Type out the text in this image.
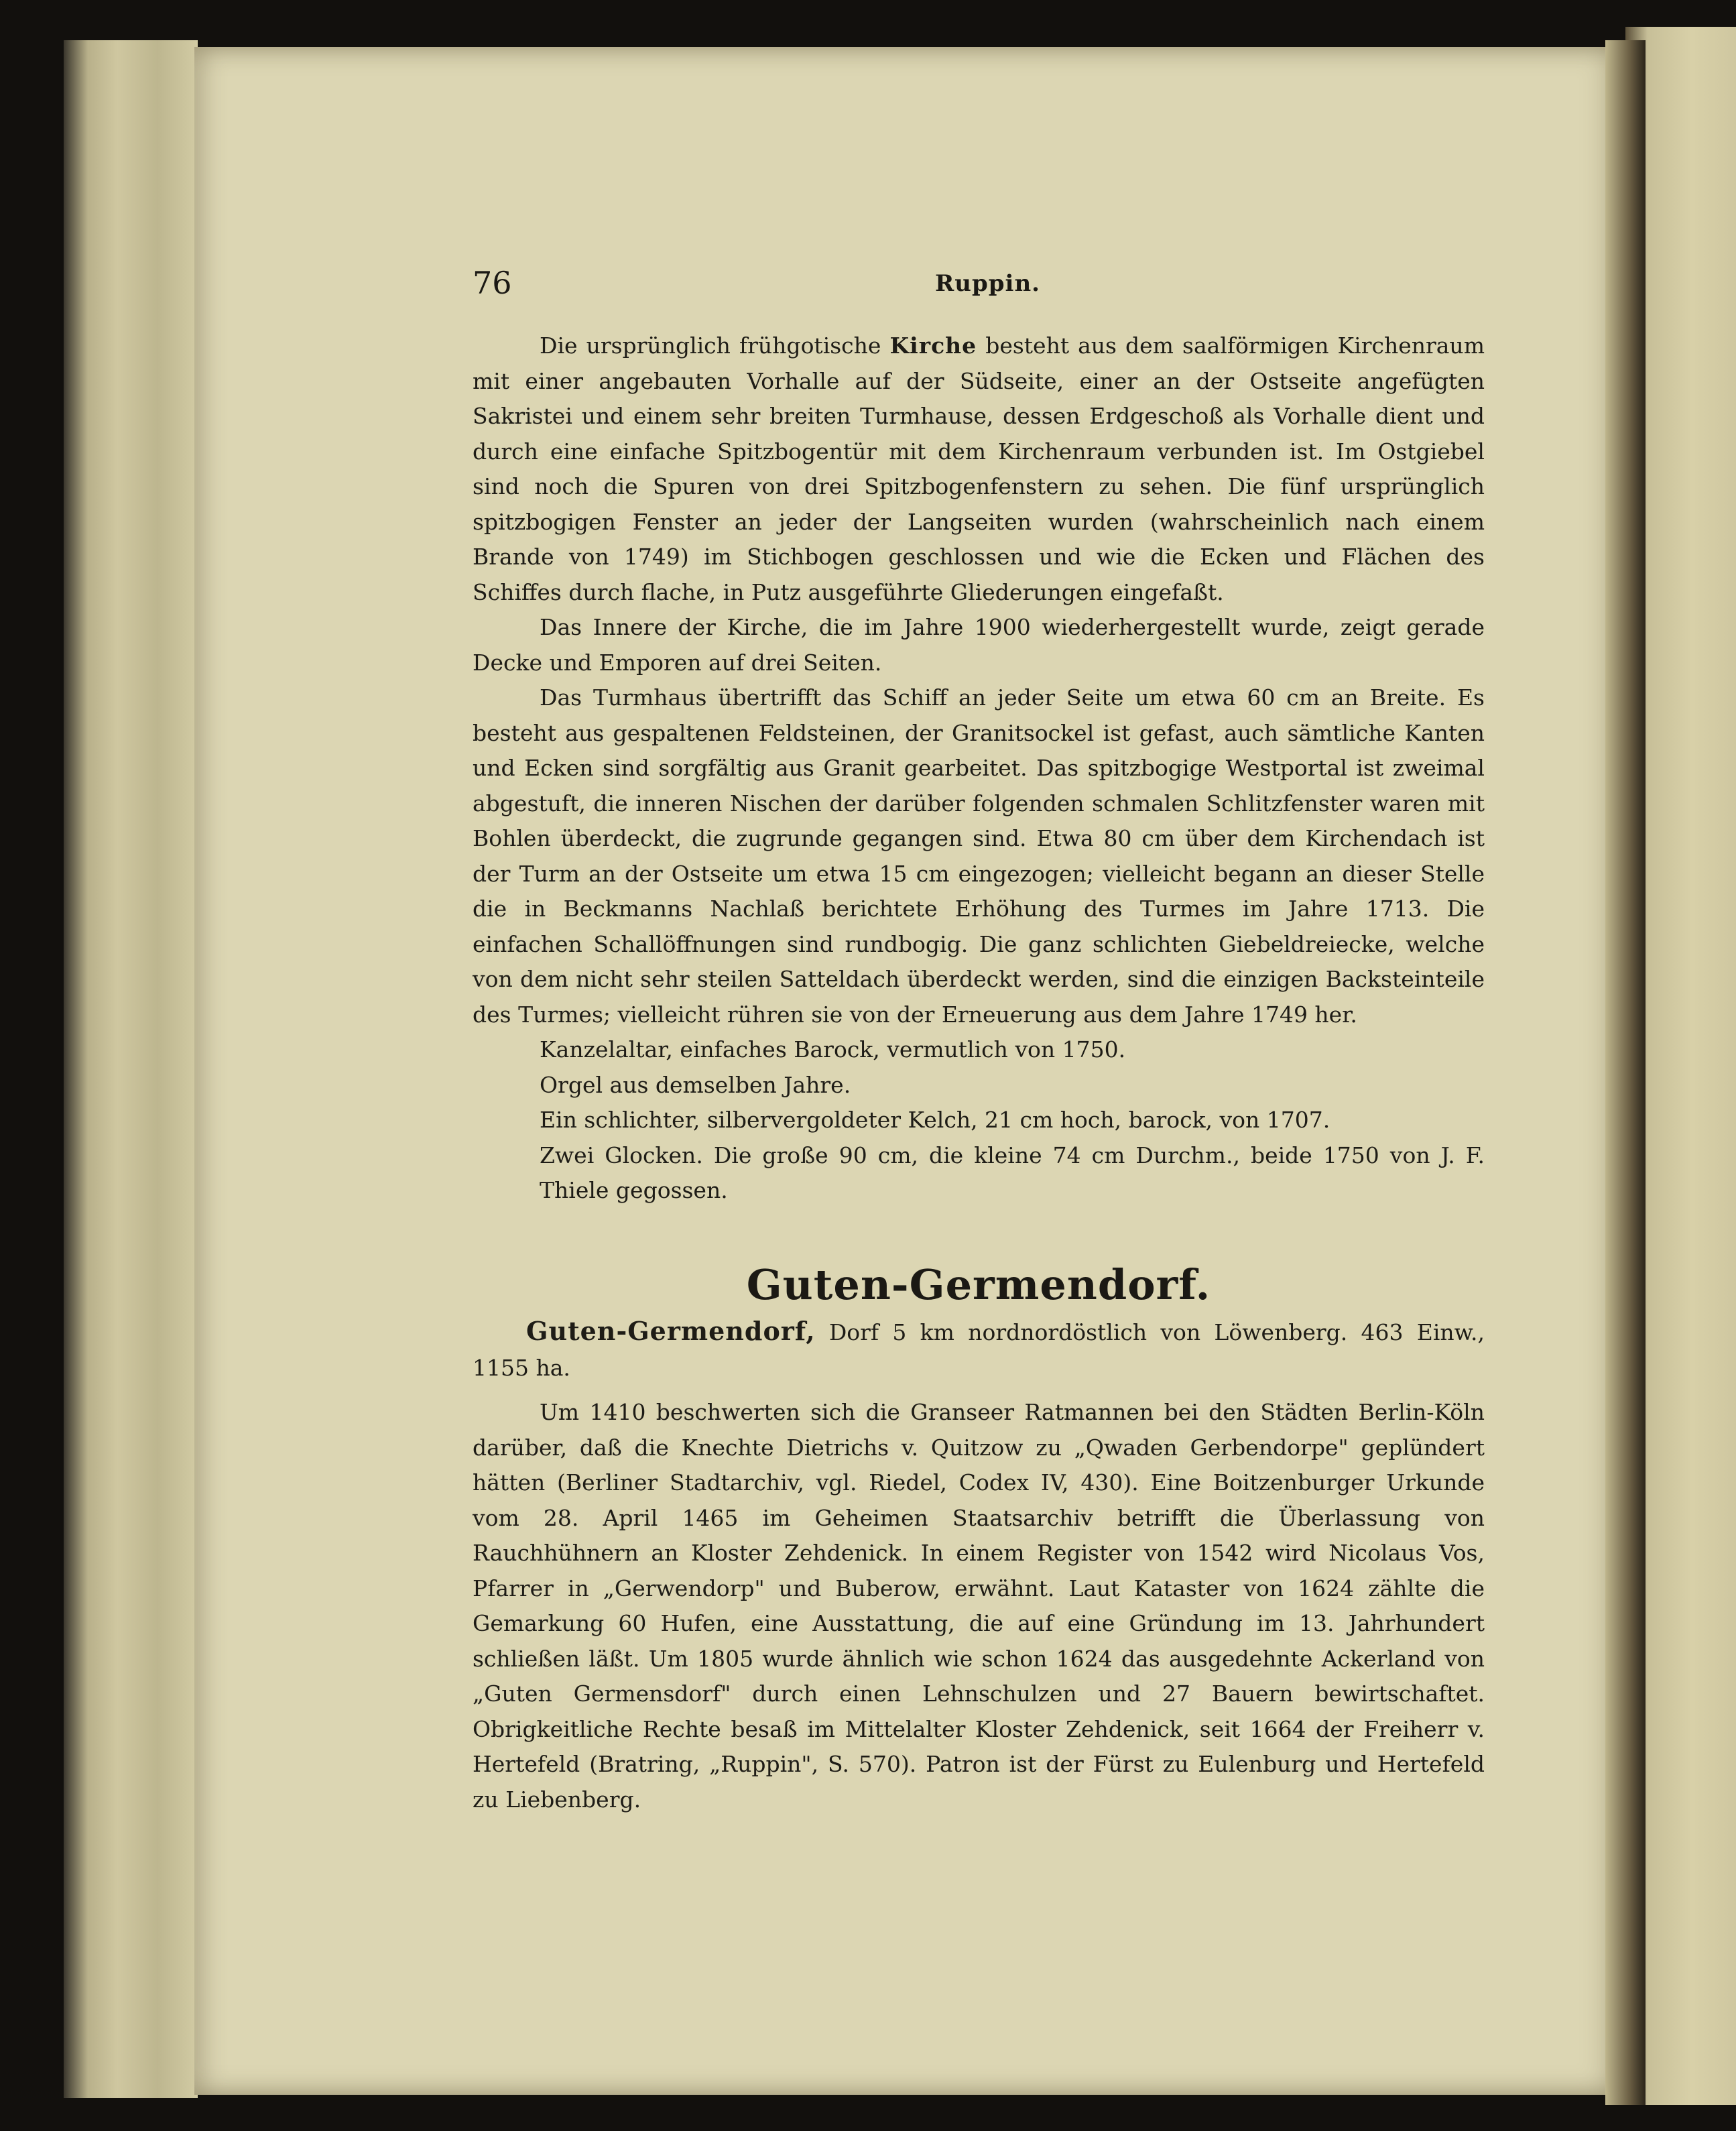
76	Ruppin.

Die ursprünglich frühgotische Kirche besteht aus dem saalförmigen Kirchenraum mit einer angebauten Vorhalle auf der Südseite, einer an der Ostseite angefügten Sakristei und einem sehr breiten Turmhause, dessen Erdgeschoß als Vorhalle dient und durch eine einfache Spitzbogentür mit dem Kirchenraum verbunden ist. Im Ostgiebel sind noch die Spuren von drei Spitzbogenfenstern zu sehen. Die fünf ursprünglich spitzbogigen Fenster an jeder der Langseiten wurden (wahrscheinlich nach einem Brande von 1749) im Stichbogen geschlossen und wie die Ecken und Flächen des Schiffes durch flache, in Putz ausgeführte Gliederungen eingefaßt.

Das Innere der Kirche, die im Jahre 1900 wiederhergestellt wurde, zeigt gerade Decke und Emporen auf drei Seiten.

Das Turmhaus übertrifft das Schiff an jeder Seite um etwa 60 cm an Breite. Es besteht aus gespaltenen Feldsteinen, der Granitsockel ist gefast, auch sämtliche Kanten und Ecken sind sorgfältig aus Granit gearbeitet. Das spitzbogige Westportal ist zweimal abgestuft, die inneren Nischen der darüber folgenden schmalen Schlitzfenster waren mit Bohlen überdeckt, die zugrunde gegangen sind. Etwa 80 cm über dem Kirchendach ist der Turm an der Ostseite um etwa 15 cm eingezogen; vielleicht begann an dieser Stelle die in Beckmanns Nachlaß berichtete Erhöhung des Turmes im Jahre 1713. Die einfachen Schallöffnungen sind rundbogig. Die ganz schlichten Giebeldreiecke, welche von dem nicht sehr steilen Satteldach überdeckt werden, sind die einzigen Backsteinteile des Turmes; vielleicht rühren sie von der Erneuerung aus dem Jahre 1749 her.

Kanzelaltar, einfaches Barock, vermutlich von 1750.

Orgel aus demselben Jahre.

Ein schlichter, silbervergoldeter Kelch, 21 cm hoch, barock, von 1707.

Zwei Glocken. Die große 90 cm, die kleine 74 cm Durchm., beide 1750 von J. F. Thiele gegossen.

Guten-Germendorf.

Guten-Germendorf, Dorf 5 km nordnordöstlich von Löwenberg. 463 Einw., 1155 ha.

Um 1410 beschwerten sich die Granseer Ratmannen bei den Städten Berlin-Köln darüber, daß die Knechte Dietrichs v. Quitzow zu „Qwaden Gerbendorpe" geplündert hätten (Berliner Stadtarchiv, vgl. Riedel, Codex IV, 430). Eine Boitzenburger Urkunde vom 28. April 1465 im Geheimen Staatsarchiv betrifft die Überlassung von Rauchhühnern an Kloster Zehdenick. In einem Register von 1542 wird Nicolaus Vos, Pfarrer in „Gerwendorp" und Buberow, erwähnt. Laut Kataster von 1624 zählte die Gemarkung 60 Hufen, eine Ausstattung, die auf eine Gründung im 13. Jahrhundert schließen läßt. Um 1805 wurde ähnlich wie schon 1624 das ausgedehnte Ackerland von „Guten Germensdorf" durch einen Lehnschulzen und 27 Bauern bewirtschaftet. Obrigkeitliche Rechte besaß im Mittelalter Kloster Zehdenick, seit 1664 der Freiherr v. Hertefeld (Bratring, „Ruppin", S. 570). Patron ist der Fürst zu Eulenburg und Hertefeld zu Liebenberg.
